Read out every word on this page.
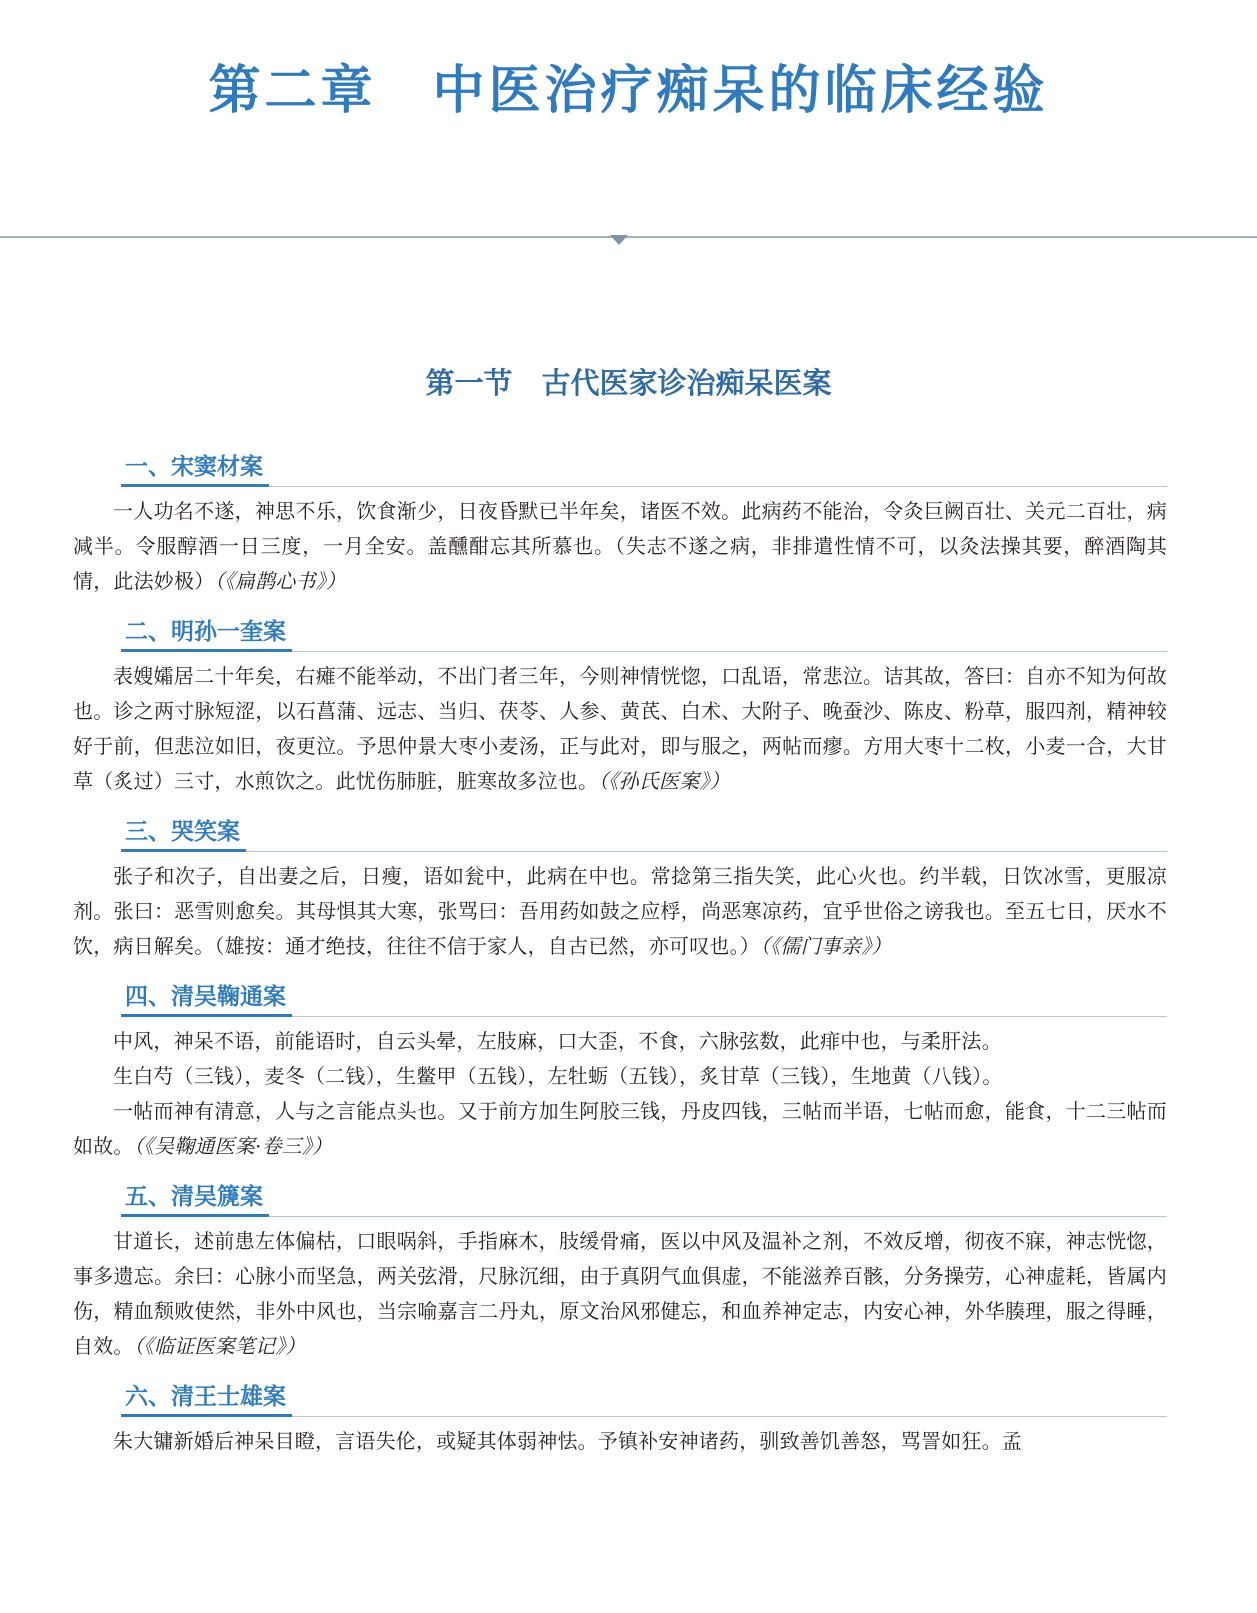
第二章　中医治疗痴呆的临床经验
第一节　古代医家诊治痴呆医案
一、宋窦材案

一人功名不遂，神思不乐，饮食渐少，日夜昏默已半年矣，诸医不效。此病药不能治，令灸巨阙百壮、关元二百壮，病减半。令服醇酒一日三度，一月全安。盖醺酣忘其所慕也。（失志不遂之病，非排遣性情不可，以灸法操其要，醉酒陶其情，此法妙极）（《扁鹊心书》）

二、明孙一奎案

表嫂孀居二十年矣，右瘫不能举动，不出门者三年，今则神情恍惚，口乱语，常悲泣。诘其故，答曰：自亦不知为何故也。诊之两寸脉短涩，以石菖蒲、远志、当归、茯苓、人参、黄芪、白术、大附子、晚蚕沙、陈皮、粉草，服四剂，精神较好于前，但悲泣如旧，夜更泣。予思仲景大枣小麦汤，正与此对，即与服之，两帖而瘳。方用大枣十二枚，小麦一合，大甘草（炙过）三寸，水煎饮之。此忧伤肺脏，脏寒故多泣也。（《孙氏医案》）

三、哭笑案

张子和次子，自出妻之后，日瘦，语如瓮中，此病在中也。常捻第三指失笑，此心火也。约半载，日饮冰雪，更服凉剂。张曰：恶雪则愈矣。其母惧其大寒，张骂曰：吾用药如鼓之应桴，尚恶寒凉药，宜乎世俗之谤我也。至五七日，厌水不饮，病日解矣。（雄按：通才绝技，往往不信于家人，自古已然，亦可叹也。）（《儒门事亲》）

四、清吴鞠通案

中风，神呆不语，前能语时，自云头晕，左肢麻，口大歪，不食，六脉弦数，此痱中也，与柔肝法。

生白芍（三钱），麦冬（二钱），生鳖甲（五钱），左牡蛎（五钱），炙甘草（三钱），生地黄（八钱）。

一帖而神有清意，人与之言能点头也。又于前方加生阿胶三钱，丹皮四钱，三帖而半语，七帖而愈，能食，十二三帖而如故。（《吴鞠通医案·卷三》）

五、清吴篪案

甘道长，述前患左体偏枯，口眼㖞斜，手指麻木，肢缓骨痛，医以中风及温补之剂，不效反增，彻夜不寐，神志恍惚，事多遗忘。余曰：心脉小而坚急，两关弦滑，尺脉沉细，由于真阴气血俱虚，不能滋养百骸，分务操劳，心神虚耗，皆属内伤，精血颓败使然，非外中风也，当宗喻嘉言二丹丸，原文治风邪健忘，和血养神定志，内安心神，外华腠理，服之得睡，自效。（《临证医案笔记》）

六、清王士雄案

朱大镛新婚后神呆目瞪，言语失伦，或疑其体弱神怯。予镇补安神诸药，驯致善饥善怒，骂詈如狂。孟
